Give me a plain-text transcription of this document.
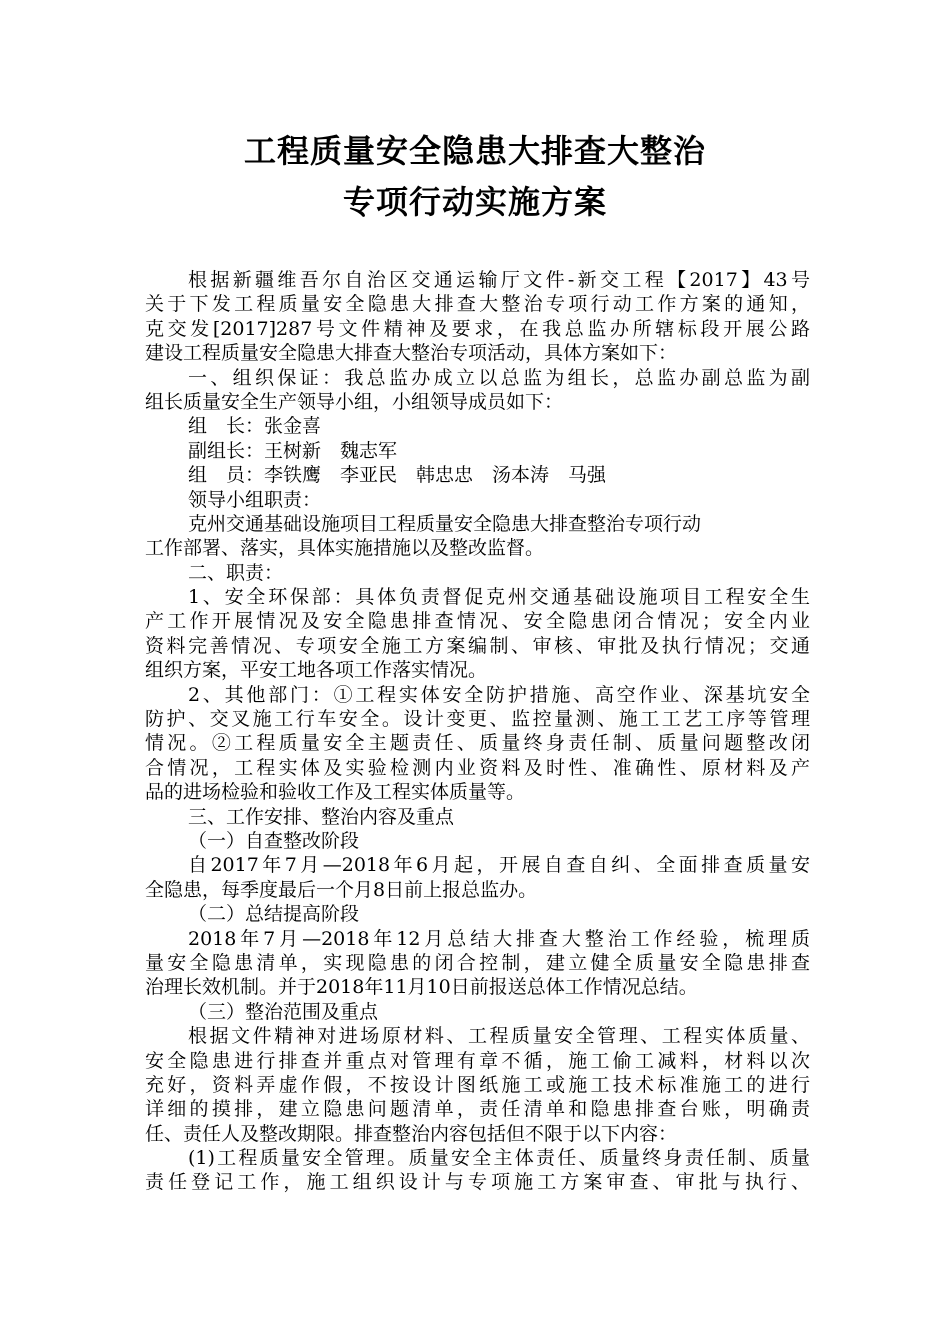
工程质量安全隐患大排查大整治
专项行动实施方案
根据新疆维吾尔自治区交通运输厅文件-新交工程【2017】43号
关于下发工程质量安全隐患大排查大整治专项行动工作方案的通知，
克交发[2017]287号文件精神及要求，在我总监办所辖标段开展公路
建设工程质量安全隐患大排查大整治专项活动，具体方案如下：
一、组织保证：我总监办成立以总监为组长，总监办副总监为副
组长质量安全生产领导小组，小组领导成员如下：
组　长：张金喜
副组长：王树新　魏志军
组　员：李铁鹰　李亚民　韩忠忠　汤本涛　马强
领导小组职责：
克州交通基础设施项目工程质量安全隐患大排查整治专项行动
工作部署、落实，具体实施措施以及整改监督。
二、职责：
1、安全环保部：具体负责督促克州交通基础设施项目工程安全生
产工作开展情况及安全隐患排查情况、安全隐患闭合情况；安全内业
资料完善情况、专项安全施工方案编制、审核、审批及执行情况；交通
组织方案，平安工地各项工作落实情况。
2、其他部门：①工程实体安全防护措施、高空作业、深基坑安全
防护、交叉施工行车安全。设计变更、监控量测、施工工艺工序等管理
情况。②工程质量安全主题责任、质量终身责任制、质量问题整改闭
合情况，工程实体及实验检测内业资料及时性、准确性、原材料及产
品的进场检验和验收工作及工程实体质量等。
三、工作安排、整治内容及重点
（一）自查整改阶段
自2017年7月—2018年6月起，开展自查自纠、全面排查质量安
全隐患，每季度最后一个月8日前上报总监办。
（二）总结提高阶段
2018年7月—2018年12月总结大排查大整治工作经验，梳理质
量安全隐患清单，实现隐患的闭合控制，建立健全质量安全隐患排查
治理长效机制。并于2018年11月10日前报送总体工作情况总结。
（三）整治范围及重点
根据文件精神对进场原材料、工程质量安全管理、工程实体质量、
安全隐患进行排查并重点对管理有章不循，施工偷工减料，材料以次
充好，资料弄虚作假，不按设计图纸施工或施工技术标准施工的进行
详细的摸排，建立隐患问题清单，责任清单和隐患排查台账，明确责
任、责任人及整改期限。排查整治内容包括但不限于以下内容：
(1)工程质量安全管理。质量安全主体责任、质量终身责任制、质量
责任登记工作，施工组织设计与专项施工方案审查、审批与执行、
